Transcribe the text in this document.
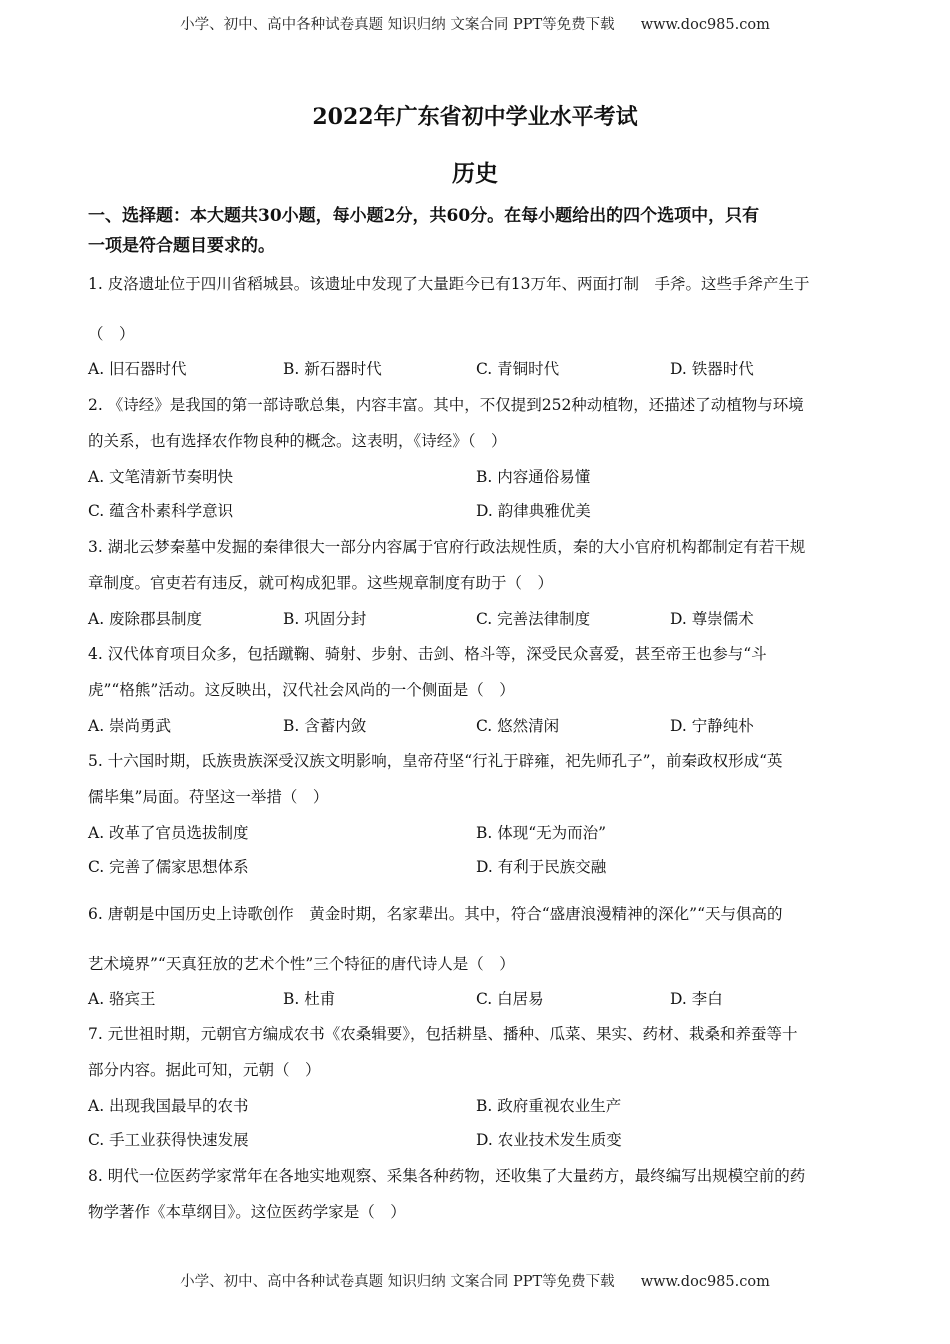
小学、初中、高中各种试卷真题 知识归纳 文案合同 PPT等免费下载 www.doc985.com
2022年广东省初中学业水平考试
历史
一、选择题：本大题共30小题，每小题2分，共60分。在每小题给出的四个选项中，只有
一项是符合题目要求的。
1. 皮洛遗址位于四川省稻城县。该遗址中发现了大量距今已有13万年、两面打制　手斧。这些手斧产生于
（　）
A. 旧石器时代	B. 新石器时代	C. 青铜时代	D. 铁器时代
2. 《诗经》是我国的第一部诗歌总集，内容丰富。其中，不仅提到252种动植物，还描述了动植物与环境
的关系，也有选择农作物良种的概念。这表明，《诗经》（　）
A. 文笔清新节奏明快	B. 内容通俗易懂
C. 蕴含朴素科学意识	D. 韵律典雅优美
3. 湖北云梦秦墓中发掘的秦律很大一部分内容属于官府行政法规性质，秦的大小官府机构都制定有若干规
章制度。官吏若有违反，就可构成犯罪。这些规章制度有助于（　）
A. 废除郡县制度	B. 巩固分封	C. 完善法律制度	D. 尊崇儒术
4. 汉代体育项目众多，包括蹴鞠、骑射、步射、击剑、格斗等，深受民众喜爱，甚至帝王也参与“斗
虎”“格熊”活动。这反映出，汉代社会风尚的一个侧面是（　）
A. 崇尚勇武	B. 含蓄内敛	C. 悠然清闲	D. 宁静纯朴
5. 十六国时期，氐族贵族深受汉族文明影响，皇帝苻坚“行礼于辟雍，祀先师孔子”，前秦政权形成“英
儒毕集”局面。苻坚这一举措（　）
A. 改革了官员选拔制度	B. 体现“无为而治”
C. 完善了儒家思想体系	D. 有利于民族交融
6. 唐朝是中国历史上诗歌创作　黄金时期，名家辈出。其中，符合“盛唐浪漫精神的深化”“天与俱高的
艺术境界”“天真狂放的艺术个性”三个特征的唐代诗人是（　）
A. 骆宾王	B. 杜甫	C. 白居易	D. 李白
7. 元世祖时期，元朝官方编成农书《农桑辑要》，包括耕垦、播种、瓜菜、果实、药材、栽桑和养蚕等十
部分内容。据此可知，元朝（　）
A. 出现我国最早的农书	B. 政府重视农业生产
C. 手工业获得快速发展	D. 农业技术发生质变
8. 明代一位医药学家常年在各地实地观察、采集各种药物，还收集了大量药方，最终编写出规模空前的药
物学著作《本草纲目》。这位医药学家是（　）
小学、初中、高中各种试卷真题 知识归纳 文案合同 PPT等免费下载 www.doc985.com
